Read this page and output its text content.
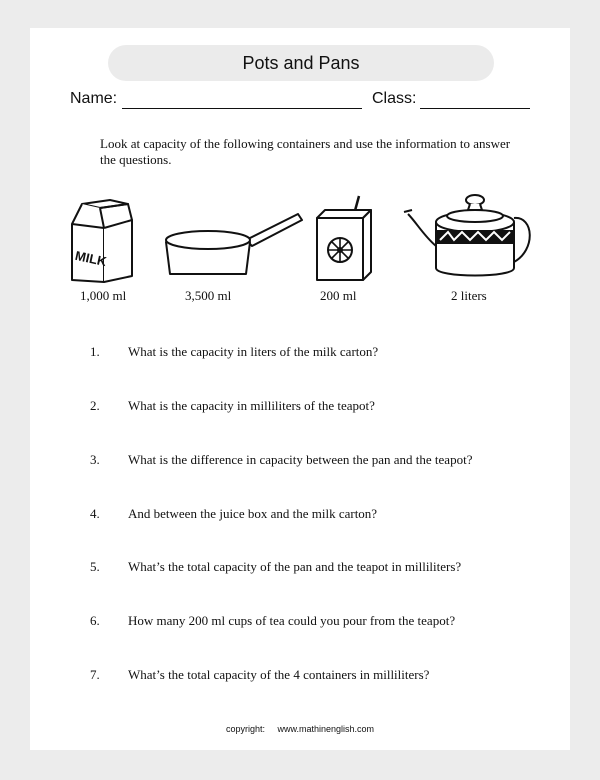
Pots and Pans
Name:	Class:
Look at capacity of the following containers and use the information to answer the questions.
MILK
1,000 ml	3,500 ml	200 ml	2 liters
1.	What is the capacity in liters of the milk carton?
2.	What is the capacity in milliliters of the teapot?
3.	What is the difference in capacity between the pan and the teapot?
4.	And between the juice box and the milk carton?
5.	What’s the total capacity of the pan and the teapot in milliliters?
6.	How many 200 ml cups of tea could you pour from the teapot?
7.	What’s the total capacity of the 4 containers in milliliters?
copyright: www.mathinenglish.com
